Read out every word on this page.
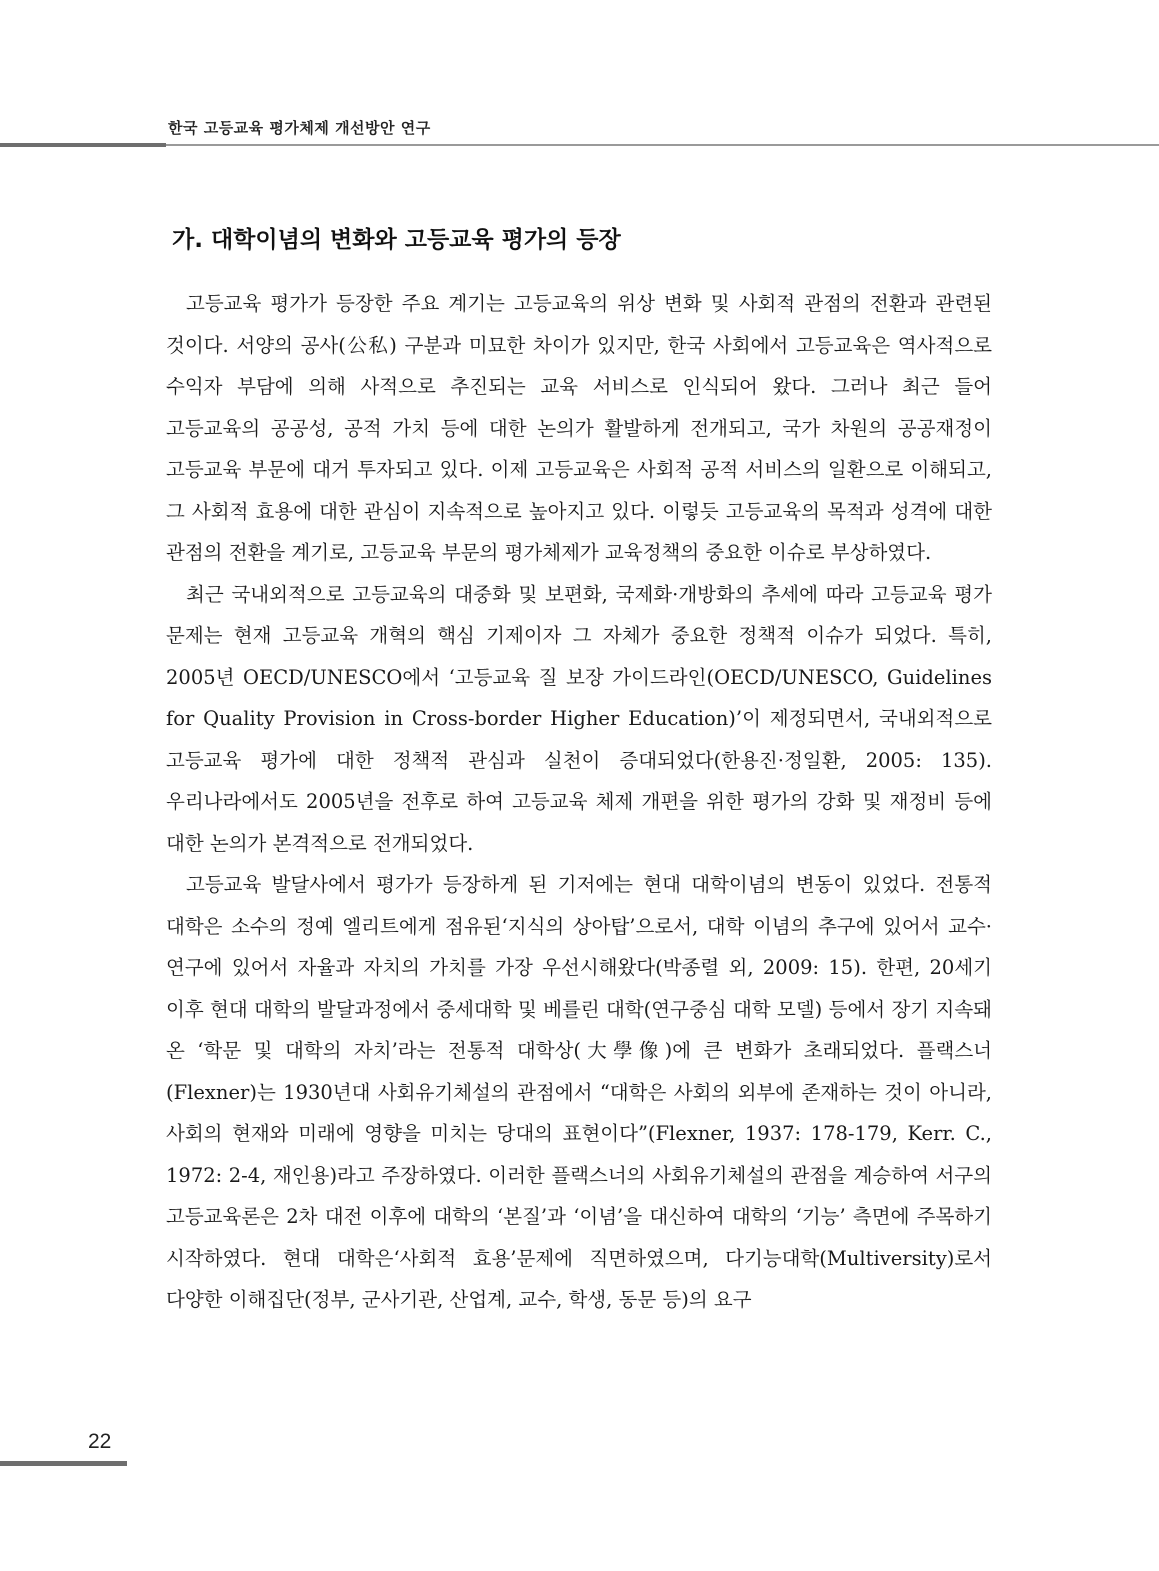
한국 고등교육 평가체제 개선방안 연구
가. 대학이념의 변화와 고등교육 평가의 등장

고등교육 평가가 등장한 주요 계기는 고등교육의 위상 변화 및 사회적 관점의 전환과 관련된 것이다. 서양의 공사(公私) 구분과 미묘한 차이가 있지만, 한국 사회에서 고등교육은 역사적으로 수익자 부담에 의해 사적으로 추진되는 교육 서비스로 인식되어 왔다. 그러나 최근 들어 고등교육의 공공성, 공적 가치 등에 대한 논의가 활발하게 전개되고, 국가 차원의 공공재정이 고등교육 부문에 대거 투자되고 있다. 이제 고등교육은 사회적 공적 서비스의 일환으로 이해되고, 그 사회적 효용에 대한 관심이 지속적으로 높아지고 있다. 이렇듯 고등교육의 목적과 성격에 대한 관점의 전환을 계기로, 고등교육 부문의 평가체제가 교육정책의 중요한 이슈로 부상하였다.

최근 국내외적으로 고등교육의 대중화 및 보편화, 국제화·개방화의 추세에 따라 고등교육 평가 문제는 현재 고등교육 개혁의 핵심 기제이자 그 자체가 중요한 정책적 이슈가 되었다. 특히, 2005년 OECD/UNESCO에서 ‘고등교육 질 보장 가이드라인(OECD/UNESCO, Guidelines for Quality Provision in Cross-border Higher Education)’이 제정되면서, 국내외적으로 고등교육 평가에 대한 정책적 관심과 실천이 증대되었다(한용진·정일환, 2005: 135). 우리나라에서도 2005년을 전후로 하여 고등교육 체제 개편을 위한 평가의 강화 및 재정비 등에 대한 논의가 본격적으로 전개되었다.

고등교육 발달사에서 평가가 등장하게 된 기저에는 현대 대학이념의 변동이 있었다. 전통적 대학은 소수의 정예 엘리트에게 점유된‘지식의 상아탑’으로서, 대학 이념의 추구에 있어서 교수· 연구에 있어서 자율과 자치의 가치를 가장 우선시해왔다(박종렬 외, 2009: 15). 한편, 20세기 이후 현대 대학의 발달과정에서 중세대학 및 베를린 대학(연구중심 대학 모델) 등에서 장기 지속돼 온 ‘학문 및 대학의 자치’라는 전통적 대학상(大學像)에 큰 변화가 초래되었다. 플랙스너(Flexner)는 1930년대 사회유기체설의 관점에서 “대학은 사회의 외부에 존재하는 것이 아니라, 사회의 현재와 미래에 영향을 미치는 당대의 표현이다”(Flexner, 1937: 178-179, Kerr. C., 1972: 2-4, 재인용)라고 주장하였다. 이러한 플랙스너의 사회유기체설의 관점을 계승하여 서구의 고등교육론은 2차 대전 이후에 대학의 ‘본질’과 ‘이념’을 대신하여 대학의 ‘기능’ 측면에 주목하기 시작하였다. 현대 대학은‘사회적 효용’문제에 직면하였으며, 다기능대학(Multiversity)로서 다양한 이해집단(정부, 군사기관, 산업계, 교수, 학생, 동문 등)의 요구

22
